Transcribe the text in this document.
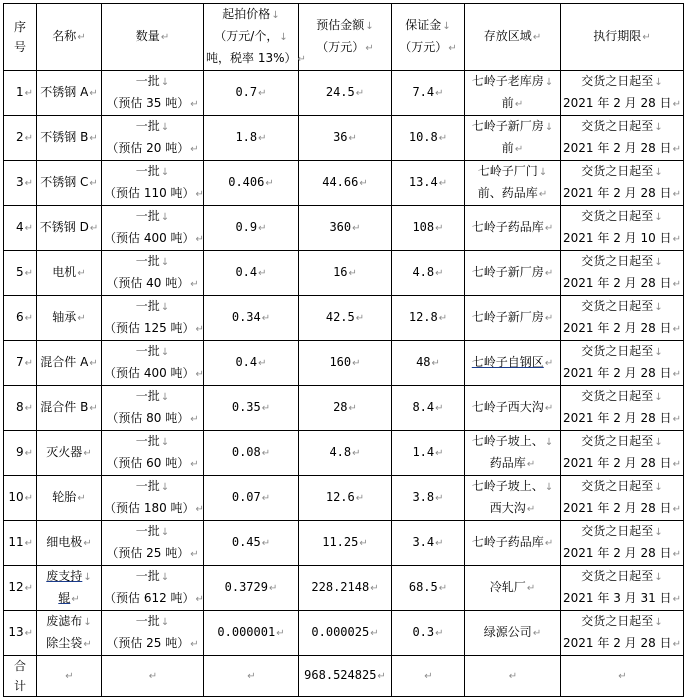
序
号	名称↵	数量↵	起拍价格↓
（万元/个，↓
吨，税率 13%）↵	预估金额↓
（万元）↵	保证金↓
（万元）↵	存放区域↵	执行期限↵
1↵	不锈钢 A↵	一批↓
（预估 35 吨）↵	0.7↵	24.5↵	7.4↵	七岭子老库房↓
前↵	交货之日起至↓
2021 年 2 月 28 日↵

2↵	不锈钢 B↵	一批↓
（预估 20 吨）↵	1.8↵	36↵	10.8↵	七岭子新厂房↓
前↵	交货之日起至↓
2021 年 2 月 28 日↵

3↵	不锈钢 C↵	一批↓
（预估 110 吨）↵	0.406↵	44.66↵	13.4↵	七岭子厂门↓
前、药品库↵	交货之日起至↓
2021 年 2 月 28 日↵

4↵	不锈钢 D↵	一批↓
（预估 400 吨）↵	0.9↵	360↵	108↵	七岭子药品库↵	交货之日起至↓
2021 年 2 月 10 日↵

5↵	电机↵	一批↓
（预估 40 吨）↵	0.4↵	16↵	4.8↵	七岭子新厂房↵	交货之日起至↓
2021 年 2 月 28 日↵

6↵	轴承↵	一批↓
（预估 125 吨）↵	0.34↵	42.5↵	12.8↵	七岭子新厂房↵	交货之日起至↓
2021 年 2 月 28 日↵

7↵	混合件 A↵	一批↓
（预估 400 吨）↵	0.4↵	160↵	48↵	七岭子自钢区↵	交货之日起至↓
2021 年 2 月 28 日↵

8↵	混合件 B↵	一批↓
（预估 80 吨）↵	0.35↵	28↵	8.4↵	七岭子西大沟↵	交货之日起至↓
2021 年 2 月 28 日↵

9↵	灭火器↵	一批↓
（预估 60 吨）↵	0.08↵	4.8↵	1.4↵	七岭子坡上、↓
药品库↵	交货之日起至↓
2021 年 2 月 28 日↵

10↵	轮胎↵	一批↓
（预估 180 吨）↵	0.07↵	12.6↵	3.8↵	七岭子坡上、↓
西大沟↵	交货之日起至↓
2021 年 2 月 28 日↵

11↵	细电极↵	一批↓
（预估 25 吨）↵	0.45↵	11.25↵	3.4↵	七岭子药品库↵	交货之日起至↓
2021 年 2 月 28 日↵

12↵	废支持↓
辊↵	一批↓
（预估 612 吨）↵	0.3729↵	228.2148↵	68.5↵	冷轧厂↵	交货之日起至↓
2021 年 3 月 31 日↵

13↵	废滤布↓
除尘袋↵	一批↓
（预估 25 吨）↵	0.000001↵	0.000025↵	0.3↵	绿源公司↵	交货之日起至↓
2021 年 2 月 28 日↵

合
计	↵	↵	↵	968.524825↵	↵	↵	↵
